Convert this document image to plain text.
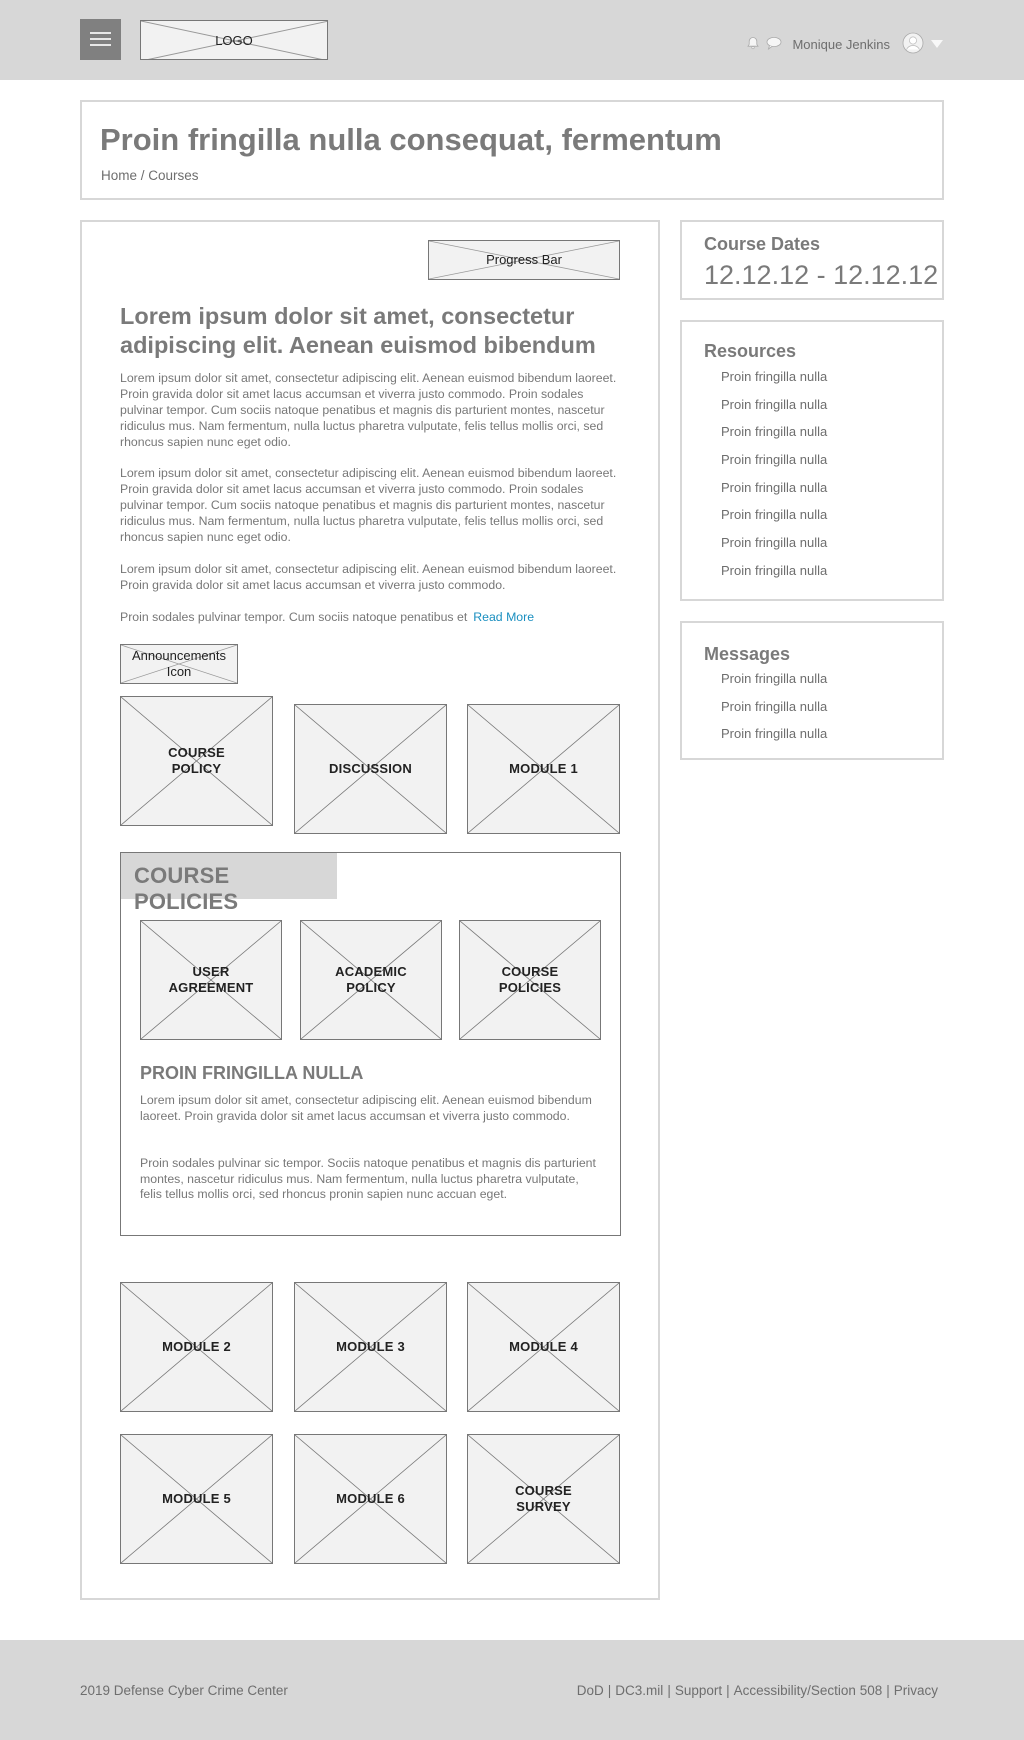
LOGO	Monique Jenkins
Proin fringilla nulla consequat, fermentum
Home / Courses
Progress Bar
Lorem ipsum dolor sit amet, consectetur adipiscing elit. Aenean euismod bibendum
Lorem ipsum dolor sit amet, consectetur adipiscing elit. Aenean euismod bibendum laoreet. Proin gravida dolor sit amet lacus accumsan et viverra justo commodo. Proin sodales pulvinar tempor. Cum sociis natoque penatibus et magnis dis parturient montes, nascetur ridiculus mus. Nam fermentum, nulla luctus pharetra vulputate, felis tellus mollis orci, sed rhoncus sapien nunc eget odio.
Lorem ipsum dolor sit amet, consectetur adipiscing elit. Aenean euismod bibendum laoreet. Proin gravida dolor sit amet lacus accumsan et viverra justo commodo. Proin sodales pulvinar tempor. Cum sociis natoque penatibus et magnis dis parturient montes, nascetur ridiculus mus. Nam fermentum, nulla luctus pharetra vulputate, felis tellus mollis orci, sed rhoncus sapien nunc eget odio.
Lorem ipsum dolor sit amet, consectetur adipiscing elit. Aenean euismod bibendum laoreet. Proin gravida dolor sit amet lacus accumsan et viverra justo commodo.
Proin sodales pulvinar tempor. Cum sociis natoque penatibus et Read More
Announcements Icon
COURSE POLICY	DISCUSSION	MODULE 1
COURSE POLICIES
USER AGREEMENT
ACADEMIC POLICY
COURSE POLICIES
PROIN FRINGILLA NULLA
Lorem ipsum dolor sit amet, consectetur adipiscing elit. Aenean euismod bibendum laoreet. Proin gravida dolor sit amet lacus accumsan et viverra justo commodo.
Proin sodales pulvinar sic tempor. Sociis natoque penatibus et magnis dis parturient montes, nascetur ridiculus mus. Nam fermentum, nulla luctus pharetra vulputate, felis tellus mollis orci, sed rhoncus pronin sapien nunc accuan eget.
MODULE 2	MODULE 3	MODULE 4
MODULE 5	MODULE 6
COURSE SURVEY
Course Dates
12.12.12 - 12.12.12
Resources
Proin fringilla nulla
Proin fringilla nulla
Proin fringilla nulla
Proin fringilla nulla
Proin fringilla nulla
Proin fringilla nulla
Proin fringilla nulla
Proin fringilla nulla
Messages
Proin fringilla nulla
Proin fringilla nulla
Proin fringilla nulla
2019 Defense Cyber Crime Center	DoD | DC3.mil | Support | Accessibility/Section 508 | Privacy
